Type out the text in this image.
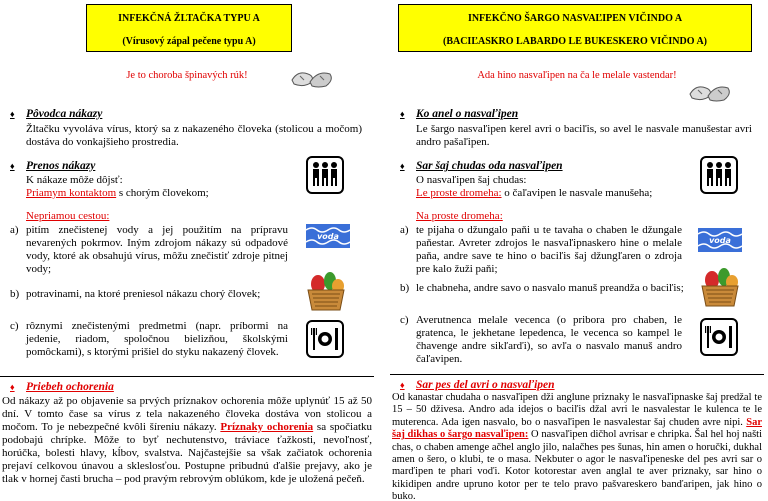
INFEKČNÁ ŽLTAČKA TYPU A
(Vírusový zápal pečene typu A)
Je to choroba špinavých rúk!
♦ Pôvodca nákazy
Žltačku vyvoláva vírus, ktorý sa z nakazeného človeka (stolicou a močom) dostáva do vonkajšieho prostredia.
♦ Prenos nákazy
K nákaze môže dôjsť:
Priamym kontaktom s chorým človekom;
Nepriamou cestou:
a) pitím znečistenej vody a jej použitím na prípravu nevarených pokrmov. Iným zdrojom nákazy sú odpadové vody, ktoré ak obsahujú vírus, môžu znečistiť zdroje pitnej vody;
b) potravinami, na ktoré preniesol nákazu chorý človek;
c) rôznymi znečistenými predmetmi (napr. príbormi na jedenie, riadom, spoločnou bielizňou, školskými pomôckami), s ktorými prišiel do styku nakazený človek.
voda
♦ Priebeh ochorenia
Od nákazy až po objavenie sa prvých príznakov ochorenia môže uplynúť 15 až 50 dní. V tomto čase sa vírus z tela nakazeného človeka dostáva von stolicou a močom. To je nebezpečné kvôli šíreniu nákazy. Príznaky ochorenia sa spočiatku podobajú chrípke. Môže to byť nechutenstvo, tráviace ťažkosti, nevoľnosť, horúčka, bolesti hlavy, kĺbov, svalstva. Najčastejšie sa však začiatok ochorenia prejaví celkovou únavou a skleslosťou. Postupne pribudnú ďalšie prejavy, ako je tlak v hornej časti brucha – pod pravým rebrovým oblúkom, kde je uložená pečeň.
INFEKČNO ŠARGO NASVAĽIPEN VIČINDO A
(BACIĽASKRO LABARDO LE BUKESKERO VIČINDO A)
Ada hino nasvaľipen na ča le melale vastendar!
♦ Ko anel o nasvaľipen
Le šargo nasvaľipen kerel avri o baciľis, so avel le nasvale manušestar avri andro pašaľipen.
♦ Sar šaj chudas oda nasvaľipen
O nasvaľipen šaj chudas:
Le proste dromeha: o čaľavipen le nasvale manušeha;
Na proste dromeha:
a) te pijaha o džungalo paňi u te tavaha o chaben le džungale paňestar. Avreter zdrojos le nasvaľipnaskero hine o melale paňa, andre save te hino o baciľis šaj džungľaren o zdroja pre kalo žuži paňi;
b) le chabneha, andre savo o nasvalo manuš preandža o baciľis;
c) Averutnenca melale vecenca (o pribora pro chaben, le gratenca, le jekhetane lepedenca, le vecenca so kampel le čhavenge andre sikľarďi), so avľa o nasvalo manuš andro čaľavipen.
voda
♦ Sar pes del avri o nasvaľipen
Od kanastar chudaha o nasvaľipen dži anglune priznaky le nasvaľipnaske šaj predžal te 15 – 50 dživesa. Andro ada idejos o baciľis džal avri le nasvalestar le kulenca te le muterenca. Ada igen nasvalo, bo o nasvaľipen le nasvalestar šaj chuden avre nipi. Sar šaj dikhas o šargo nasvaľipen: O nasvaľipen dičhol avrisar e chripka. Šal hel hoj našti chas, o chaben amenge ačhel anglo jilo, nalačhes pes šunas, hin amen o horučki, dukhal amen o šero, o klubi, te o masa. Nekbuter o agor le nasvaľipeneske del pes avri sar o marďipen te phari voďi. Kotor kotorestar aven anglal te aver priznaky, sar hino o kikidipen andre upruno kotor per te telo pravo pašvareskero banďaripen, jak hino o buko.
